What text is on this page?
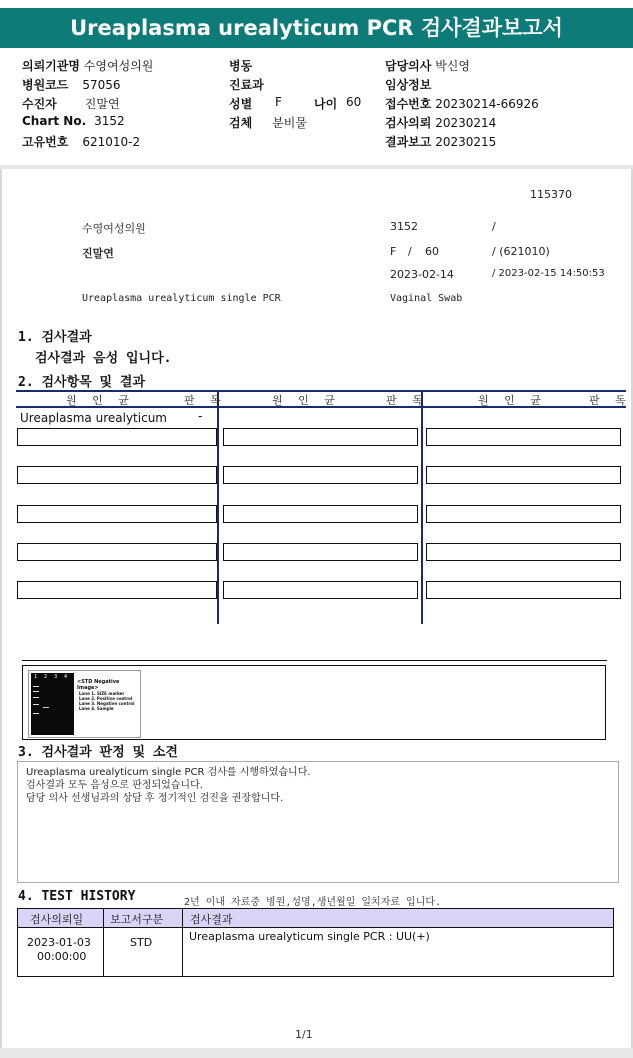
Ureaplasma urealyticum PCR 검사결과보고서
의뢰기관명 수영여성의원
병원코드 57056
수진자 진말연
Chart No. 3152
고유번호 621010-2
병동
진료과
성별 F	나이 60
검체 분비물
담당의사 박신영
임상정보
접수번호 20230214-66926
검사의뢰 20230214
결과보고 20230215
115370
수영여성의원	3152	/
진말연	F / 60	/ (621010)
2023-02-14	/ 2023-02-15 14:50:53
Ureaplasma urealyticum single PCR	Vaginal Swab
1. 검사결과
검사결과 음성 입니다.
2. 검사항목 및 결과
원 인 균	판 독	원 인 균	판 독	원 인 균	판 독
Ureaplasma urealyticum	-
1 2 3 4
<STD Negative Image>
Lane 1. SIZE marker
Lane 2. Positive control
Lane 3. Negative control
Lane 4. Sample
3. 검사결과 판정 및 소견
Ureaplasma urealyticum single PCR 검사를 시행하였습니다.
검사결과 모두 음성으로 판정되었습니다.
담당 의사 선생님과의 상담 후 정기적인 검진을 권장합니다.
4. TEST HISTORY	2년 이내 자료중 병원,성명,생년월일 일치자료 입니다.
검사의뢰일 보고서구분 검사결과
2023-01-03
00:00:00
STD	Ureaplasma urealyticum single PCR : UU(+)
1/1
